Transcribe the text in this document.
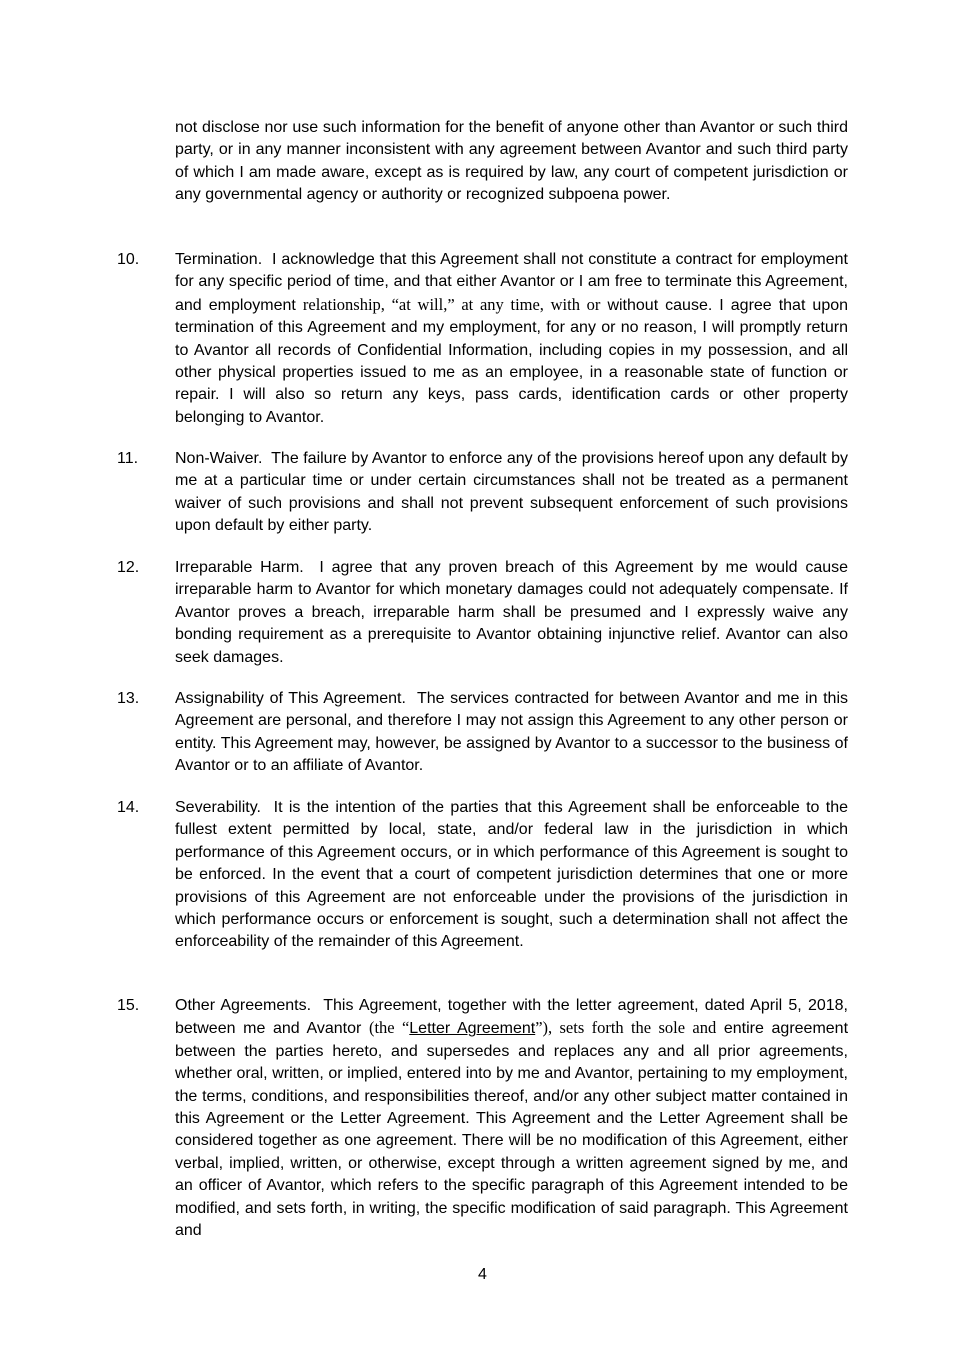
not disclose nor use such information for the benefit of anyone other than Avantor or such third party, or in any manner inconsistent with any agreement between Avantor and such third party of which I am made aware, except as is required by law, any court of competent jurisdiction or any governmental agency or authority or recognized subpoena power.

10. Termination. I acknowledge that this Agreement shall not constitute a contract for employment for any specific period of time, and that either Avantor or I am free to terminate this Agreement, and employment relationship, “at will,” at any time, with or without cause. I agree that upon termination of this Agreement and my employment, for any or no reason, I will promptly return to Avantor all records of Confidential Information, including copies in my possession, and all other physical properties issued to me as an employee, in a reasonable state of function or repair. I will also so return any keys, pass cards, identification cards or other property belonging to Avantor.

11. Non-Waiver. The failure by Avantor to enforce any of the provisions hereof upon any default by me at a particular time or under certain circumstances shall not be treated as a permanent waiver of such provisions and shall not prevent subsequent enforcement of such provisions upon default by either party.

12. Irreparable Harm. I agree that any proven breach of this Agreement by me would cause irreparable harm to Avantor for which monetary damages could not adequately compensate. If Avantor proves a breach, irreparable harm shall be presumed and I expressly waive any bonding requirement as a prerequisite to Avantor obtaining injunctive relief. Avantor can also seek damages.

13. Assignability of This Agreement. The services contracted for between Avantor and me in this Agreement are personal, and therefore I may not assign this Agreement to any other person or entity. This Agreement may, however, be assigned by Avantor to a successor to the business of Avantor or to an affiliate of Avantor.

14. Severability. It is the intention of the parties that this Agreement shall be enforceable to the fullest extent permitted by local, state, and/or federal law in the jurisdiction in which performance of this Agreement occurs, or in which performance of this Agreement is sought to be enforced. In the event that a court of competent jurisdiction determines that one or more provisions of this Agreement are not enforceable under the provisions of the jurisdiction in which performance occurs or enforcement is sought, such a determination shall not affect the enforceability of the remainder of this Agreement.

15. Other Agreements. This Agreement, together with the letter agreement, dated April 5, 2018, between me and Avantor (the “Letter Agreement”), sets forth the sole and entire agreement between the parties hereto, and supersedes and replaces any and all prior agreements, whether oral, written, or implied, entered into by me and Avantor, pertaining to my employment, the terms, conditions, and responsibilities thereof, and/or any other subject matter contained in this Agreement or the Letter Agreement. This Agreement and the Letter Agreement shall be considered together as one agreement. There will be no modification of this Agreement, either verbal, implied, written, or otherwise, except through a written agreement signed by me, and an officer of Avantor, which refers to the specific paragraph of this Agreement intended to be modified, and sets forth, in writing, the specific modification of said paragraph. This Agreement and

4
